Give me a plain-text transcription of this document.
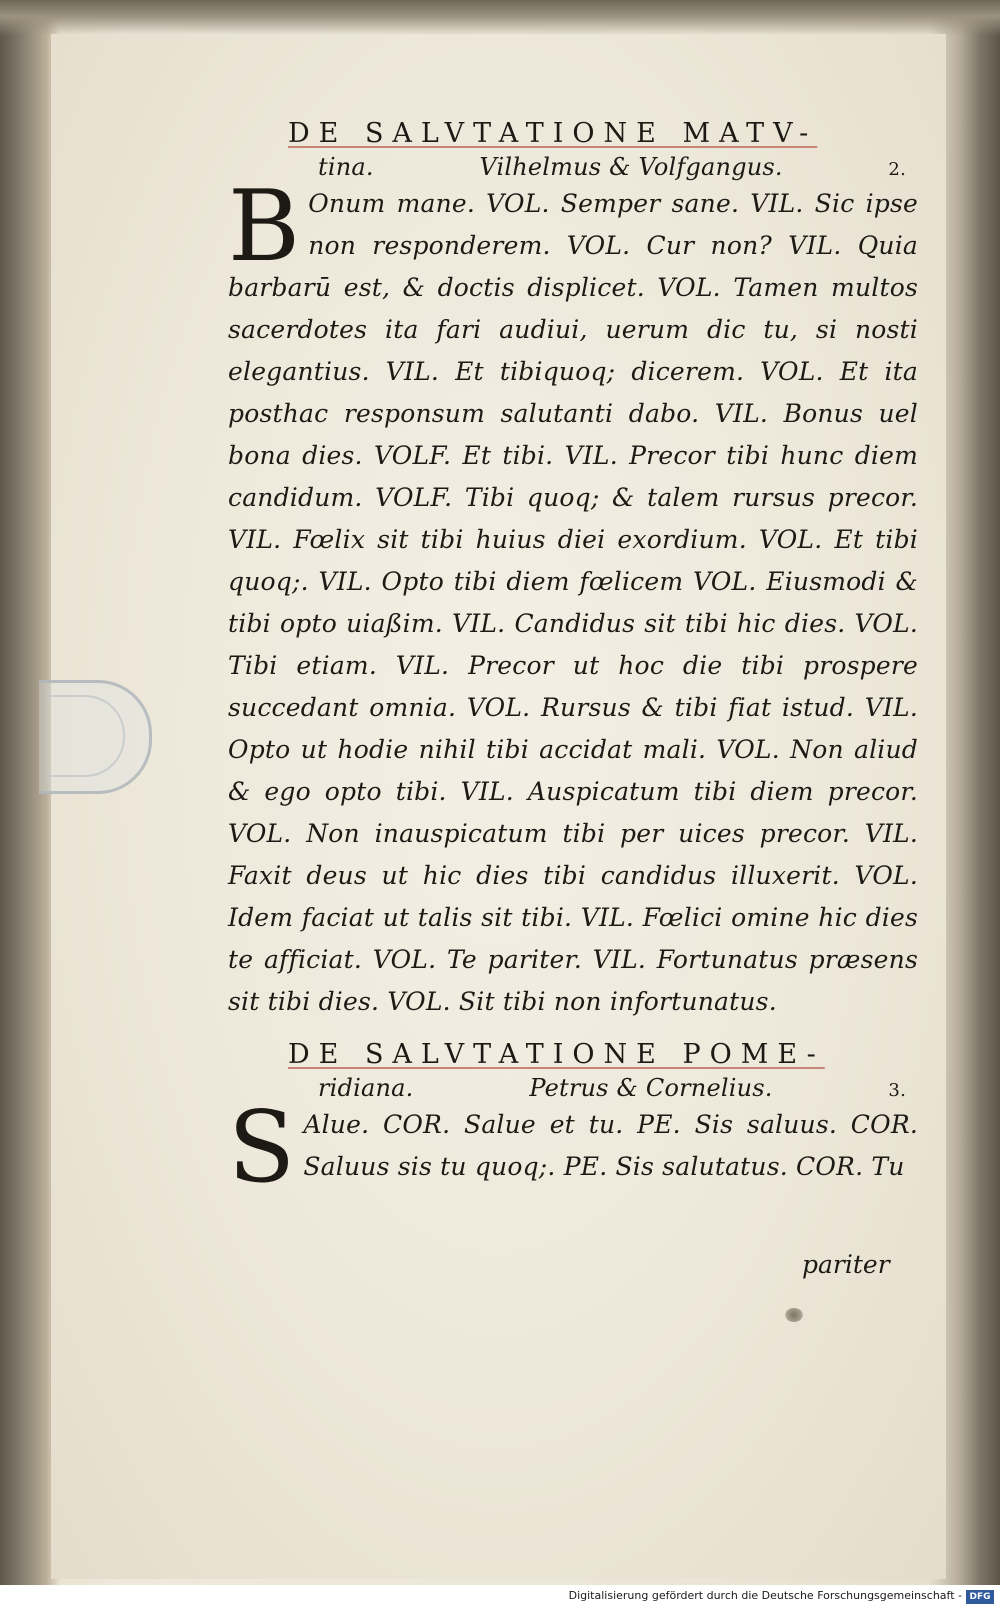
DE SALVTATIONE MATV-
tina.	Vilhelmus & Volfgangus.	2.
B Onum mane. VOL. Semper sane. VIL. Sic ipse non responderem. VOL. Cur non? VIL. Quia barbarū est, & doctis displicet. VOL. Tamen multos sacerdotes ita fari audiui, uerum dic tu, si nosti elegantius. VIL. Et tibiquoq; dicerem. VOL. Et ita posthac responsum salutanti dabo. VIL. Bonus uel bona dies. VOLF. Et tibi. VIL. Precor tibi hunc diem candidum. VOLF. Tibi quoq; & talem rursus precor. VIL. Fœlix sit tibi huius diei exordium. VOL. Et tibi quoq;. VIL. Opto tibi diem fœlicem VOL. Eiusmodi & tibi opto uiaßim. VIL. Candidus sit tibi hic dies. VOL. Tibi etiam. VIL. Precor ut hoc die tibi prospere succedant omnia. VOL. Rursus & tibi fiat istud. VIL. Opto ut hodie nihil tibi accidat mali. VOL. Non aliud & ego opto tibi. VIL. Auspicatum tibi diem precor. VOL. Non inauspicatum tibi per uices precor. VIL. Faxit deus ut hic dies tibi candidus illuxerit. VOL. Idem faciat ut talis sit tibi. VIL. Fœlici omine hic dies te afficiat. VOL. Te pariter. VIL. Fortunatus præsens sit tibi dies. VOL. Sit tibi non infortunatus.
DE SALVTATIONE POME-
ridiana.	Petrus & Cornelius.	3.
S Alue. COR. Salue et tu. PE. Sis saluus. COR. Saluus sis tu quoq;. PE. Sis salutatus. COR. Tu
pariter
Digitalisierung gefördert durch die Deutsche Forschungsgemeinschaft - DFG
